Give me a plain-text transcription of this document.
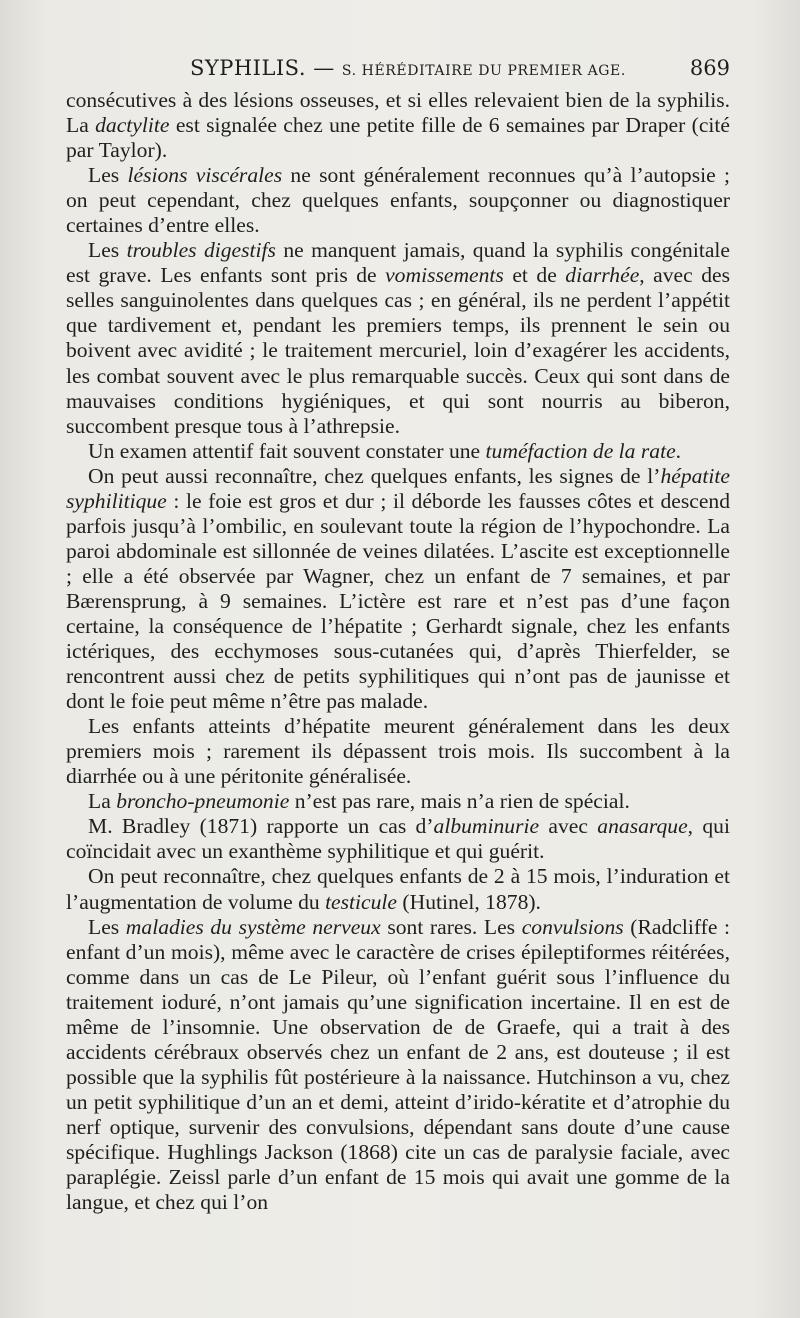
SYPHILIS. — S. HÉRÉDITAIRE DU PREMIER AGE.	869

consécutives à des lésions osseuses, et si elles relevaient bien de la syphilis. La dactylite est signalée chez une petite fille de 6 semaines par Draper (cité par Taylor).

Les lésions viscérales ne sont généralement reconnues qu’à l’autopsie ; on peut cependant, chez quelques enfants, soupçonner ou diagnostiquer certaines d’entre elles.

Les troubles digestifs ne manquent jamais, quand la syphilis congénitale est grave. Les enfants sont pris de vomissements et de diarrhée, avec des selles sanguinolentes dans quelques cas ; en général, ils ne perdent l’appétit que tardivement et, pendant les premiers temps, ils prennent le sein ou boivent avec avidité ; le traitement mercuriel, loin d’exagérer les accidents, les combat souvent avec le plus remarquable succès. Ceux qui sont dans de mauvaises conditions hygiéniques, et qui sont nourris au biberon, succombent presque tous à l’athrepsie.

Un examen attentif fait souvent constater une tuméfaction de la rate.

On peut aussi reconnaître, chez quelques enfants, les signes de l’hépatite syphilitique : le foie est gros et dur ; il déborde les fausses côtes et descend parfois jusqu’à l’ombilic, en soulevant toute la région de l’hypochondre. La paroi abdominale est sillonnée de veines dilatées. L’ascite est exceptionnelle ; elle a été observée par Wagner, chez un enfant de 7 semaines, et par Bærensprung, à 9 semaines. L’ictère est rare et n’est pas d’une façon certaine, la conséquence de l’hépatite ; Gerhardt signale, chez les enfants ictériques, des ecchymoses sous-cutanées qui, d’après Thierfelder, se rencontrent aussi chez de petits syphilitiques qui n’ont pas de jaunisse et dont le foie peut même n’être pas malade.

Les enfants atteints d’hépatite meurent généralement dans les deux premiers mois ; rarement ils dépassent trois mois. Ils succombent à la diarrhée ou à une péritonite généralisée.

La broncho-pneumonie n’est pas rare, mais n’a rien de spécial.

M. Bradley (1871) rapporte un cas d’albuminurie avec anasarque, qui coïncidait avec un exanthème syphilitique et qui guérit.

On peut reconnaître, chez quelques enfants de 2 à 15 mois, l’induration et l’augmentation de volume du testicule (Hutinel, 1878).

Les maladies du système nerveux sont rares. Les convulsions (Radcliffe : enfant d’un mois), même avec le caractère de crises épileptiformes réitérées, comme dans un cas de Le Pileur, où l’enfant guérit sous l’influence du traitement ioduré, n’ont jamais qu’une signification incertaine. Il en est de même de l’insomnie. Une observation de de Graefe, qui a trait à des accidents cérébraux observés chez un enfant de 2 ans, est douteuse ; il est possible que la syphilis fût postérieure à la naissance. Hutchinson a vu, chez un petit syphilitique d’un an et demi, atteint d’irido-kératite et d’atrophie du nerf optique, survenir des convulsions, dépendant sans doute d’une cause spécifique. Hughlings Jackson (1868) cite un cas de paralysie faciale, avec paraplégie. Zeissl parle d’un enfant de 15 mois qui avait une gomme de la langue, et chez qui l’on
